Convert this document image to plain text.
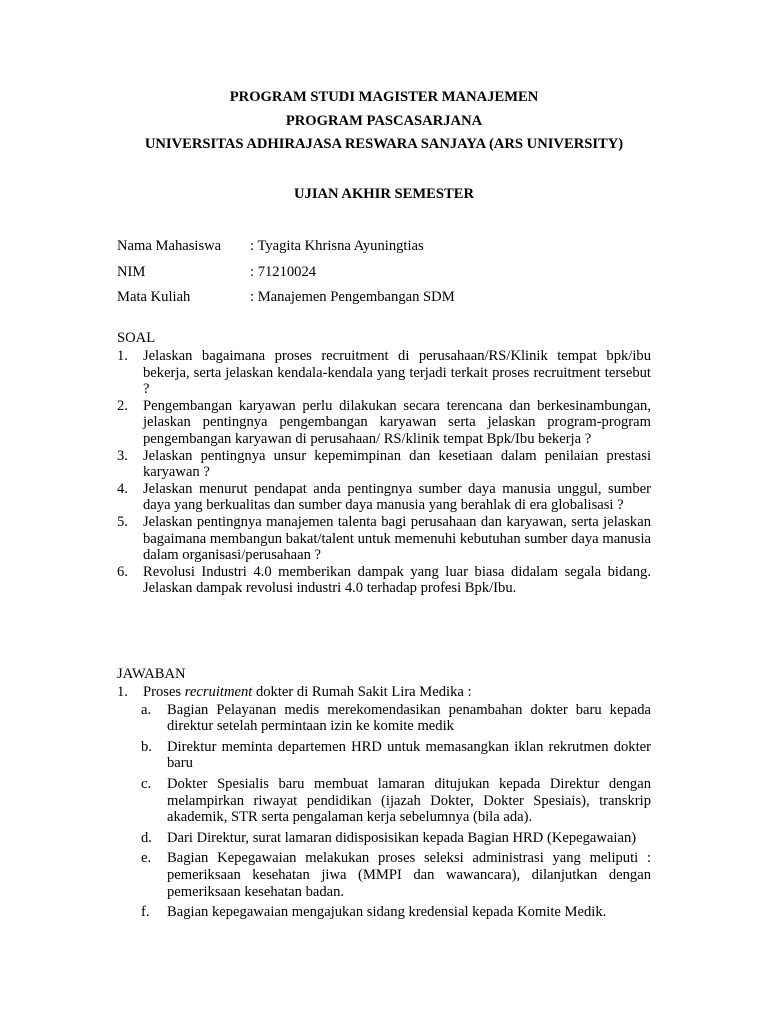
PROGRAM STUDI MAGISTER MANAJEMEN
PROGRAM PASCASARJANA
UNIVERSITAS ADHIRAJASA RESWARA SANJAYA (ARS UNIVERSITY)
UJIAN AKHIR SEMESTER
Nama Mahasiswa : Tyagita Khrisna Ayuningtias
NIM	: 71210024
Mata Kuliah	: Manajemen Pengembangan SDM
SOAL
1. Jelaskan bagaimana proses recruitment di perusahaan/RS/Klinik tempat bpk/ibu bekerja, serta jelaskan kendala-kendala yang terjadi terkait proses recruitment tersebut ?
2. Pengembangan karyawan perlu dilakukan secara terencana dan berkesinambungan, jelaskan pentingnya pengembangan karyawan serta jelaskan program-program pengembangan karyawan di perusahaan/ RS/klinik tempat Bpk/Ibu bekerja ?
3. Jelaskan pentingnya unsur kepemimpinan dan kesetiaan dalam penilaian prestasi karyawan ?
4. Jelaskan menurut pendapat anda pentingnya sumber daya manusia unggul, sumber daya yang berkualitas dan sumber daya manusia yang berahlak di era globalisasi ?
5. Jelaskan pentingnya manajemen talenta bagi perusahaan dan karyawan, serta jelaskan bagaimana membangun bakat/talent untuk memenuhi kebutuhan sumber daya manusia dalam organisasi/perusahaan ?
6. Revolusi Industri 4.0 memberikan dampak yang luar biasa didalam segala bidang. Jelaskan dampak revolusi industri 4.0 terhadap profesi Bpk/Ibu.
JAWABAN
1. Proses recruitment dokter di Rumah Sakit Lira Medika :
a. Bagian Pelayanan medis merekomendasikan penambahan dokter baru kepada direktur setelah permintaan izin ke komite medik
b. Direktur meminta departemen HRD untuk memasangkan iklan rekrutmen dokter baru
c. Dokter Spesialis baru membuat lamaran ditujukan kepada Direktur dengan melampirkan riwayat pendidikan (ijazah Dokter, Dokter Spesiais), transkrip akademik, STR serta pengalaman kerja sebelumnya (bila ada).
d. Dari Direktur, surat lamaran didisposisikan kepada Bagian HRD (Kepegawaian)
e. Bagian Kepegawaian melakukan proses seleksi administrasi yang meliputi : pemeriksaan kesehatan jiwa (MMPI dan wawancara), dilanjutkan dengan pemeriksaan kesehatan badan.
f. Bagian kepegawaian mengajukan sidang kredensial kepada Komite Medik.
